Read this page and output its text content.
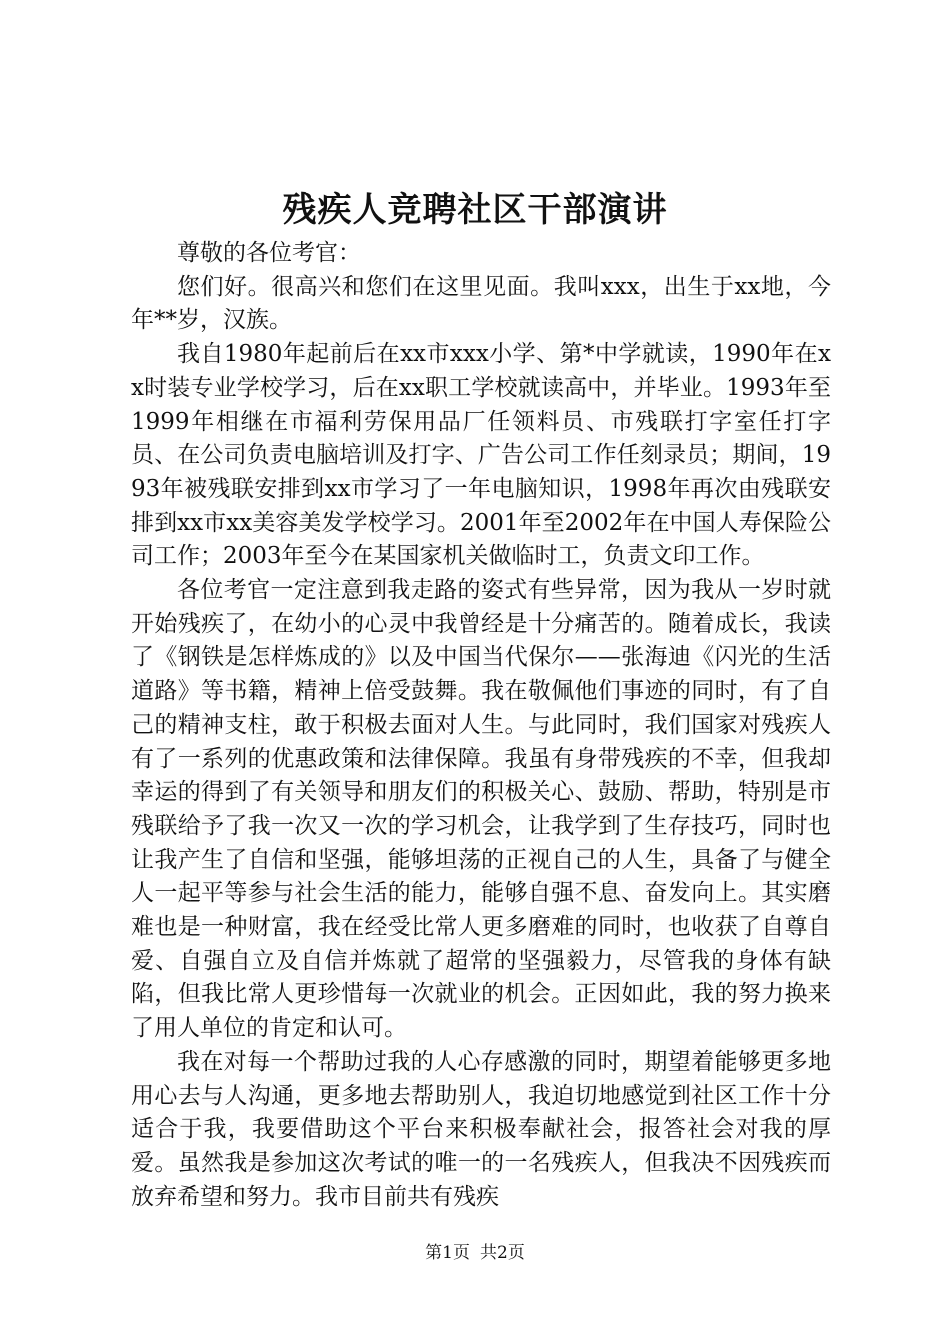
残疾人竞聘社区干部演讲

尊敬的各位考官：

您们好。很高兴和您们在这里见面。我叫xxx，出生于xx地，今年**岁，汉族。

我自1980年起前后在xx市xxx小学、第*中学就读，1990年在xx时装专业学校学习，后在xx职工学校就读高中，并毕业。1993年至1999年相继在市福利劳保用品厂任领料员、市残联打字室任打字员、在公司负责电脑培训及打字、广告公司工作任刻录员；期间，1993年被残联安排到xx市学习了一年电脑知识，1998年再次由残联安排到xx市xx美容美发学校学习。2001年至2002年在中国人寿保险公司工作；2003年至今在某国家机关做临时工，负责文印工作。

各位考官一定注意到我走路的姿式有些异常，因为我从一岁时就开始残疾了，在幼小的心灵中我曾经是十分痛苦的。随着成长，我读了《钢铁是怎样炼成的》以及中国当代保尔——张海迪《闪光的生活道路》等书籍，精神上倍受鼓舞。我在敬佩他们事迹的同时，有了自己的精神支柱，敢于积极去面对人生。与此同时，我们国家对残疾人有了一系列的优惠政策和法律保障。我虽有身带残疾的不幸，但我却幸运的得到了有关领导和朋友们的积极关心、鼓励、帮助，特别是市残联给予了我一次又一次的学习机会，让我学到了生存技巧，同时也让我产生了自信和坚强，能够坦荡的正视自己的人生，具备了与健全人一起平等参与社会生活的能力，能够自强不息、奋发向上。其实磨难也是一种财富，我在经受比常人更多磨难的同时，也收获了自尊自爱、自强自立及自信并炼就了超常的坚强毅力，尽管我的身体有缺陷，但我比常人更珍惜每一次就业的机会。正因如此，我的努力换来了用人单位的肯定和认可。

我在对每一个帮助过我的人心存感激的同时，期望着能够更多地用心去与人沟通，更多地去帮助别人，我迫切地感觉到社区工作十分适合于我，我要借助这个平台来积极奉献社会，报答社会对我的厚爱。虽然我是参加这次考试的唯一的一名残疾人，但我决不因残疾而放弃希望和努力。我市目前共有残疾

第1页 共2页
